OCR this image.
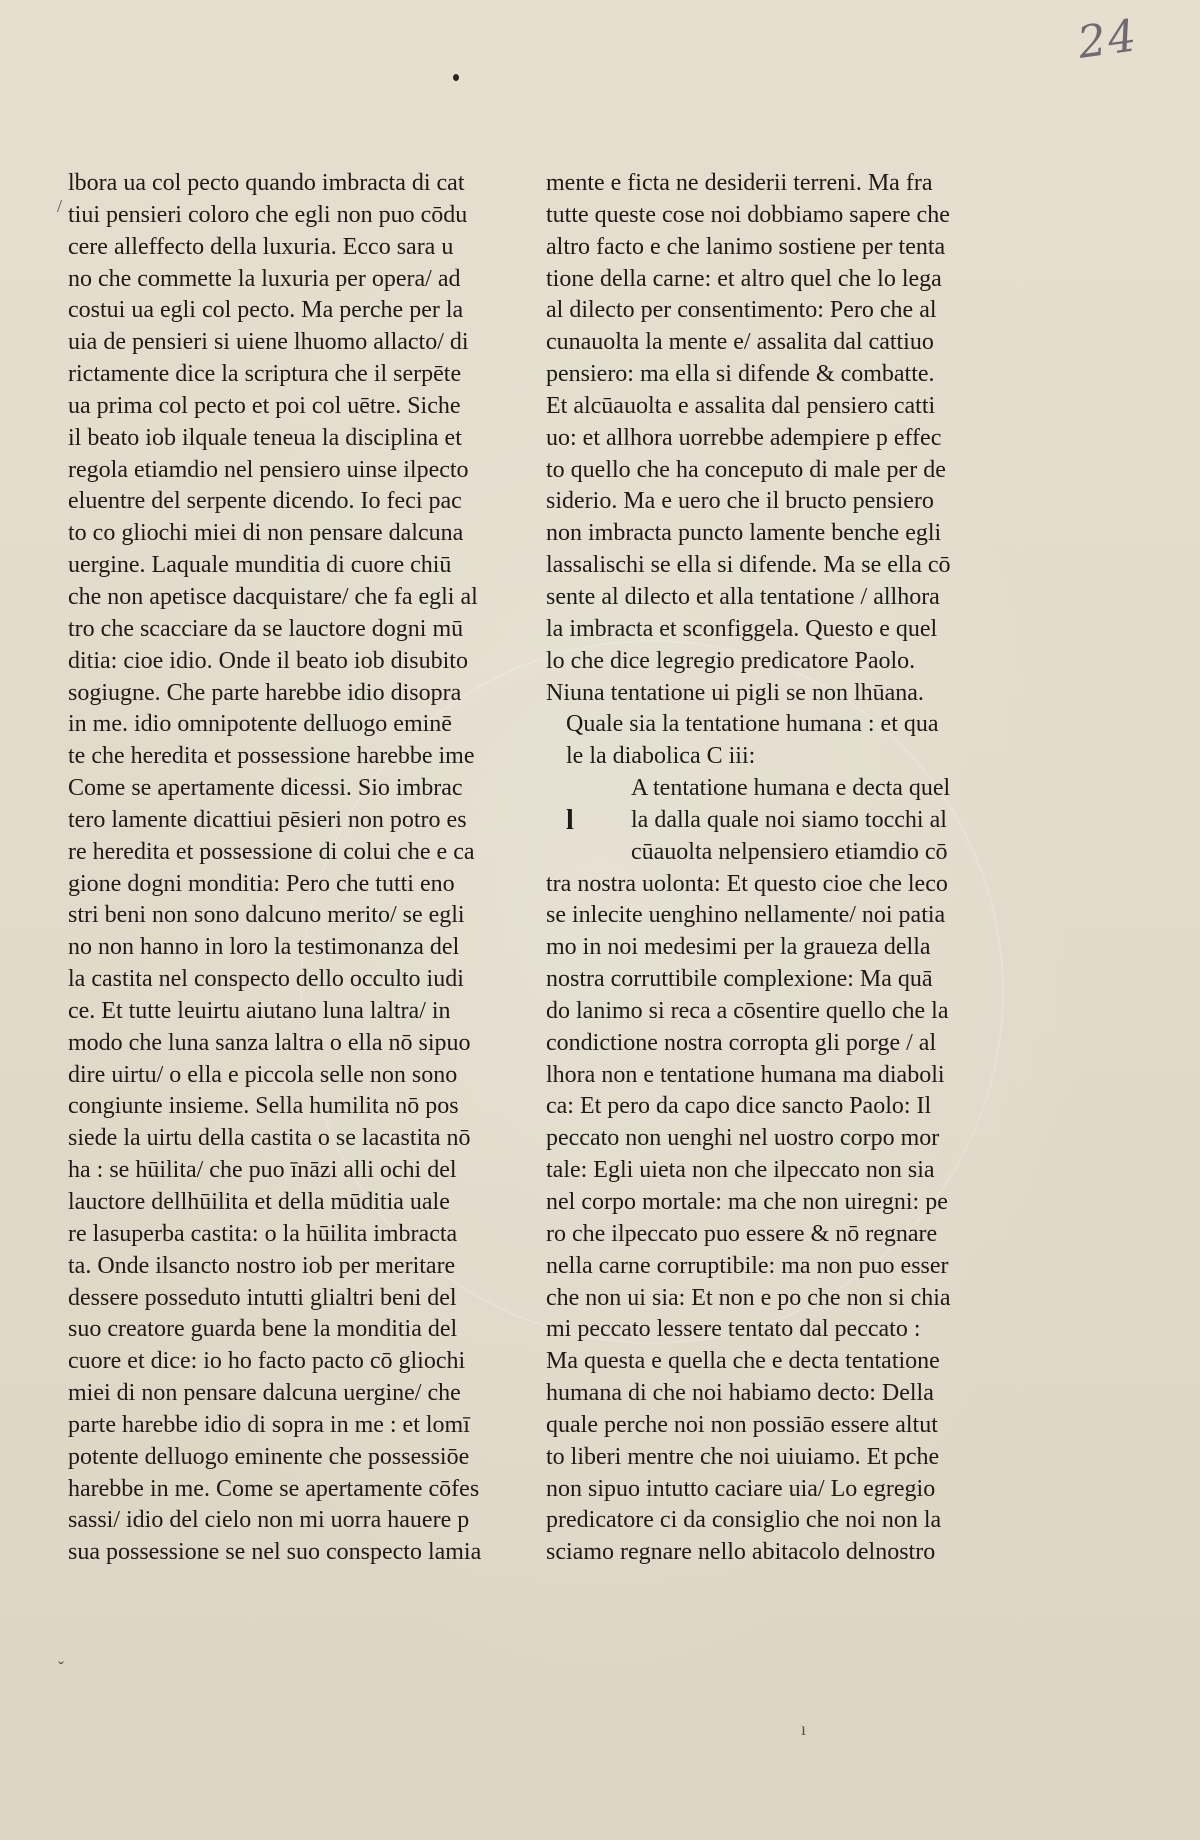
24
lbora ua col pecto quando imbracta di cat
tiui pensieri coloro che egli non puo cōdu
cere alleffecto della luxuria. Ecco sara u
no che commette la luxuria per opera/ ad
costui ua egli col pecto. Ma perche per la
uia de pensieri si uiene lhuomo allacto/ di
rictamente dice la scriptura che il serpēte
ua prima col pecto et poi col uētre. Siche
il beato iob ilquale teneua la disciplina et
regola etiamdio nel pensiero uinse ilpecto
eluentre del serpente dicendo. Io feci pac
to co gliochi miei di non pensare dalcuna
uergine. Laquale munditia di cuore chiū
che non apetisce dacquistare/ che fa egli al
tro che scacciare da se lauctore dogni mū
ditia: cioe idio. Onde il beato iob disubito
sogiugne. Che parte harebbe idio disopra
in me. idio omnipotente delluogo eminē
te che heredita et possessione harebbe ime
Come se apertamente dicessi. Sio imbrac
tero lamente dicattiui pēsieri non potro es
re heredita et possessione di colui che e ca
gione dogni monditia: Pero che tutti eno
stri beni non sono dalcuno merito/ se egli
no non hanno in loro la testimonanza del
la castita nel conspecto dello occulto iudi
ce. Et tutte leuirtu aiutano luna laltra/ in
modo che luna sanza laltra o ella nō sipuo
dire uirtu/ o ella e piccola selle non sono
congiunte insieme. Sella humilita nō pos
siede la uirtu della castita o se lacastita nō
ha : se hūilita/ che puo īnāzi alli ochi del
lauctore dellhūilita et della mūditia uale
re lasuperba castita: o la hūilita imbracta
ta. Onde ilsancto nostro iob per meritare
dessere posseduto intutti glialtri beni del
suo creatore guarda bene la monditia del
cuore et dice: io ho facto pacto cō gliochi
miei di non pensare dalcuna uergine/ che
parte harebbe idio di sopra in me : et lomī
potente delluogo eminente che possessiōe
harebbe in me. Come se apertamente cōfes
sassi/ idio del cielo non mi uorra hauere p
sua possessione se nel suo conspecto lamia
mente e ficta ne desiderii terreni. Ma fra
tutte queste cose noi dobbiamo sapere che
altro facto e che lanimo sostiene per tenta
tione della carne: et altro quel che lo lega
al dilecto per consentimento: Pero che al
cunauolta la mente e/ assalita dal cattiuo
pensiero: ma ella si difende & combatte.
Et alcūauolta e assalita dal pensiero catti
uo: et allhora uorrebbe adempiere p effec
to quello che ha conceputo di male per de
siderio. Ma e uero che il bructo pensiero
non imbracta puncto lamente benche egli
lassalischi se ella si difende. Ma se ella cō
sente al dilecto et alla tentatione / allhora
la imbracta et sconfiggela. Questo e quel
lo che dice legregio predicatore Paolo.
Niuna tentatione ui pigli se non lhūana.
Quale sia la tentatione humana : et qua
le la diabolica C iii:
A tentatione humana e decta quel
la dalla quale noi siamo tocchi al
l
cūauolta nelpensiero etiamdio cō
tra nostra uolonta: Et questo cioe che leco
se inlecite uenghino nellamente/ noi patia
mo in noi medesimi per la graueza della
nostra corruttibile complexione: Ma quā
do lanimo si reca a cōsentire quello che la
condictione nostra corropta gli porge / al
lhora non e tentatione humana ma diaboli
ca: Et pero da capo dice sancto Paolo: Il
peccato non uenghi nel uostro corpo mor
tale: Egli uieta non che ilpeccato non sia
nel corpo mortale: ma che non uiregni: pe
ro che ilpeccato puo essere & nō regnare
nella carne corruptibile: ma non puo esser
che non ui sia: Et non e po che non si chia
mi peccato lessere tentato dal peccato :
Ma questa e quella che e decta tentatione
humana di che noi habiamo decto: Della
quale perche noi non possiāo essere altut
to liberi mentre che noi uiuiamo. Et pche
non sipuo intutto caciare uia/ Lo egregio
predicatore ci da consiglio che noi non la
sciamo regnare nello abitacolo delnostro
/
ˇ
ı
